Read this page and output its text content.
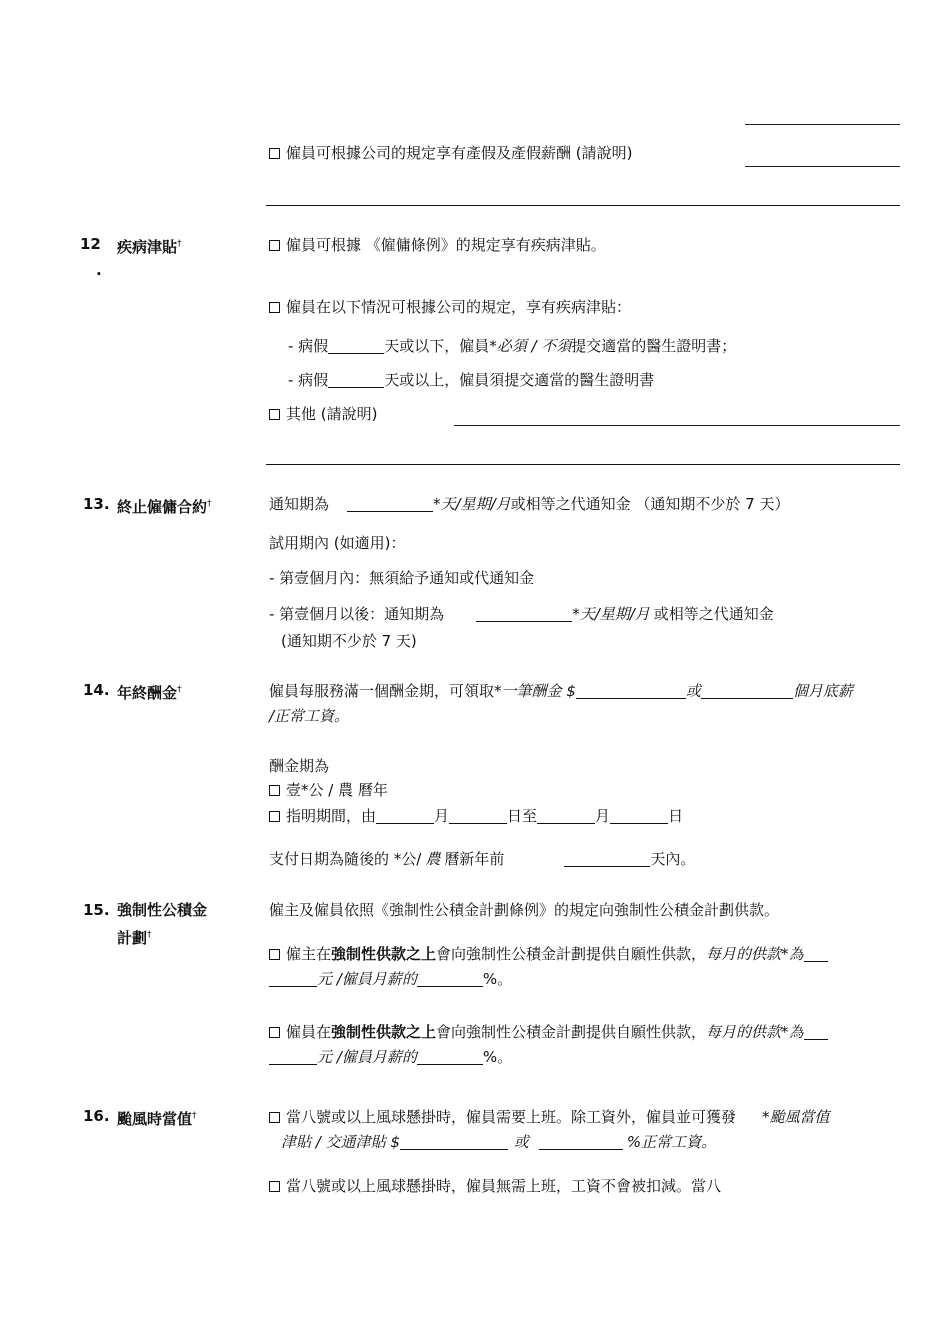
僱員可根據公司的規定享有產假及產假薪酬 (請說明)
12
.
疾病津貼†	僱員可根據 《僱傭條例》的規定享有疾病津貼。
僱員在以下情況可根據公司的規定，享有疾病津貼：
- 病假	天或以下，僱員*必須 / 不須提交適當的醫生證明書；
- 病假	天或以上，僱員須提交適當的醫生證明書
其他 (請說明)
13. 終止僱傭合約†	通知期為	*天/星期/月或相等之代通知金 （通知期不少於 7 天）
試用期內 (如適用)：
- 第壹個月內：無須給予通知或代通知金
- 第壹個月以後：通知期為	*天/星期/月 或相等之代通知金
(通知期不少於 7 天)
14. 年終酬金†	僱員每服務滿一個酬金期，可領取*一筆酬金 $	或	個月底薪
/正常工資。
酬金期為
壹*公 / 農 曆年
指明期間，由	月	日至	月	日
支付日期為隨後的 *公/ 農 曆新年前	天內。
15. 強制性公積金
計劃†
僱主及僱員依照《強制性公積金計劃條例》的規定向強制性公積金計劃供款。
僱主在強制性供款之上會向強制性公積金計劃提供自願性供款，每月的供款*為
元 /僱員月薪的	%。
僱員在強制性供款之上會向強制性公積金計劃提供自願性供款，每月的供款*為
元 /僱員月薪的	%。
16. 颱風時當值†	當八號或以上風球懸掛時，僱員需要上班。除工資外，僱員並可獲發 *颱風當值
津貼 / 交通津貼 $	或	%正常工資。
當八號或以上風球懸掛時，僱員無需上班，工資不會被扣減。當八
